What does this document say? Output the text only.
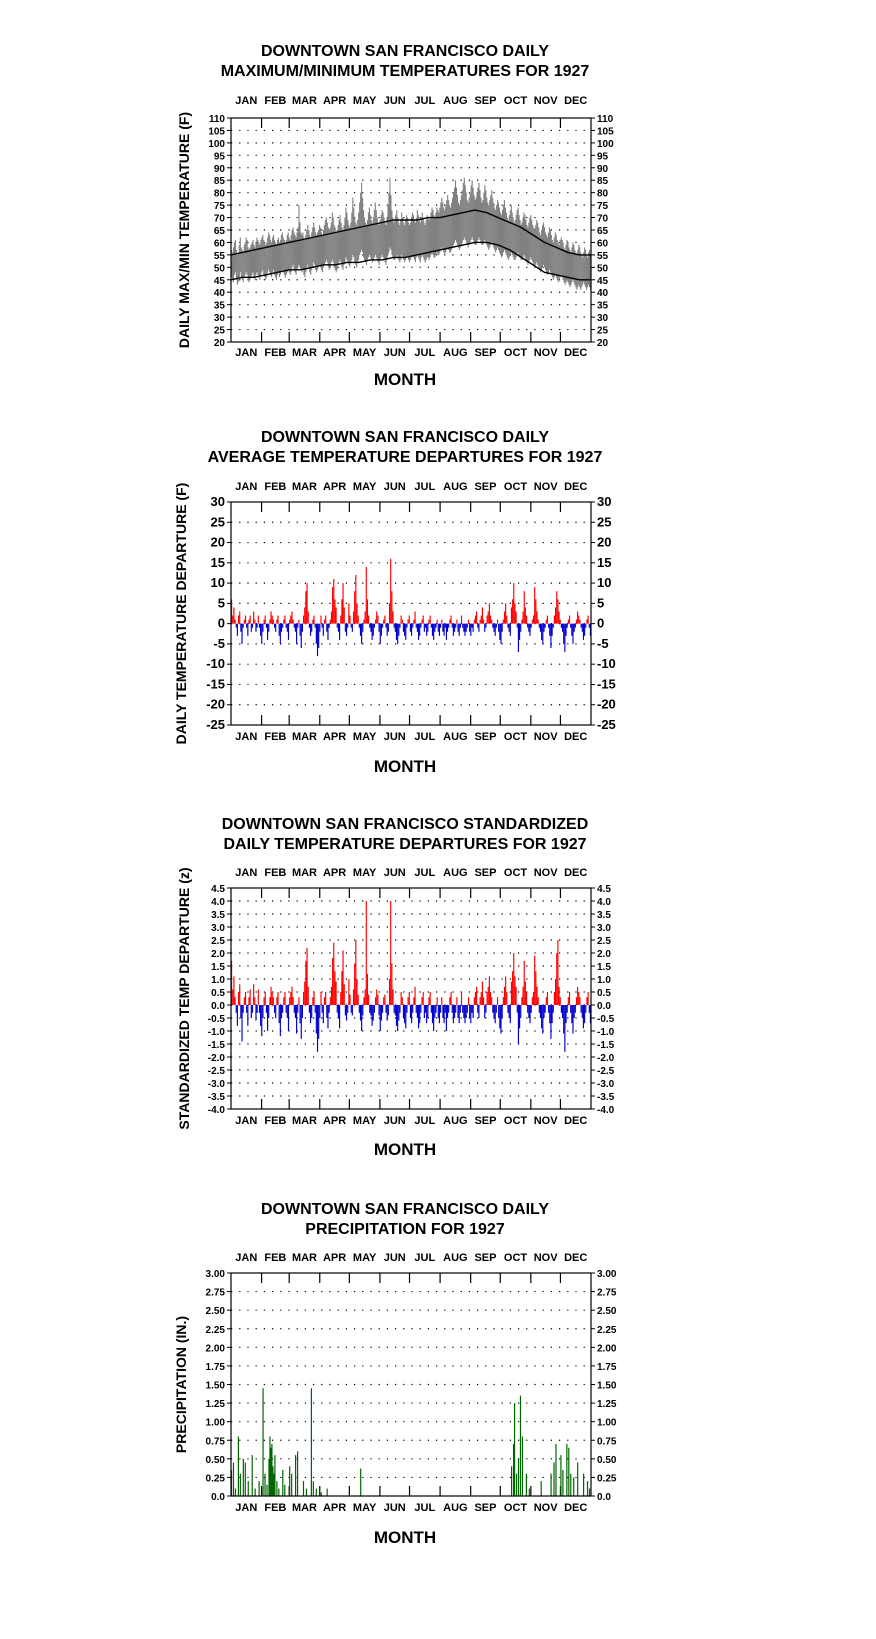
DOWNTOWN SAN FRANCISCO DAILY
MAXIMUM/MINIMUM TEMPERATURES FOR 1927
110	110
105	105
100	100
95	95
90	90
85	85
80	80
75	75
70	70
65	65
60	60
55	55
50	50
45	45
40	40
35	35
30	30
25	25
20	20
JAN
JAN
FEB
FEB
MAR
MAR
APR
APR
MAY
MAY
JUN
JUN
JUL
JUL
AUG
AUG
SEP
SEP
OCT
OCT
NOV
NOV
DEC
DEC
MONTH
DAILY MAX/MIN TEMPERATURE (F)
DOWNTOWN SAN FRANCISCO DAILY
AVERAGE TEMPERATURE DEPARTURES FOR 1927
30	30
25	25
20	20
15	15
10	10
5	5
0	0
-5	-5
-10	-10
-15	-15
-20	-20
-25	-25
JAN
JAN
FEB
FEB
MAR
MAR
APR
APR
MAY
MAY
JUN
JUN
JUL
JUL
AUG
AUG
SEP
SEP
OCT
OCT
NOV
NOV
DEC
DEC
MONTH
DAILY TEMPERATURE DEPARTURE (F)
DOWNTOWN SAN FRANCISCO STANDARDIZED
DAILY TEMPERATURE DEPARTURES FOR 1927
4.5	4.5
4.0	4.0
3.5	3.5
3.0	3.0
2.5	2.5
2.0	2.0
1.5	1.5
1.0	1.0
0.5	0.5
0.0	0.0
-0.5	-0.5
-1.0	-1.0
-1.5	-1.5
-2.0	-2.0
-2.5	-2.5
-3.0	-3.0
-3.5	-3.5
-4.0	-4.0
JAN
JAN
FEB
FEB
MAR
MAR
APR
APR
MAY
MAY
JUN
JUN
JUL
JUL
AUG
AUG
SEP
SEP
OCT
OCT
NOV
NOV
DEC
DEC
MONTH
STANDARDIZED TEMP DEPARTURE (z)
DOWNTOWN SAN FRANCISCO DAILY
PRECIPITATION FOR 1927
3.00	3.00
2.75	2.75
2.50	2.50
2.25	2.25
2.00	2.00
1.75	1.75
1.50	1.50
1.25	1.25
1.00	1.00
0.75	0.75
0.50	0.50
0.25	0.25
0.0	0.0
JAN
JAN
FEB
FEB
MAR
MAR
APR
APR
MAY
MAY
JUN
JUN
JUL
JUL
AUG
AUG
SEP
SEP
OCT
OCT
NOV
NOV
DEC
DEC
MONTH
PRECIPITATION (IN.)
